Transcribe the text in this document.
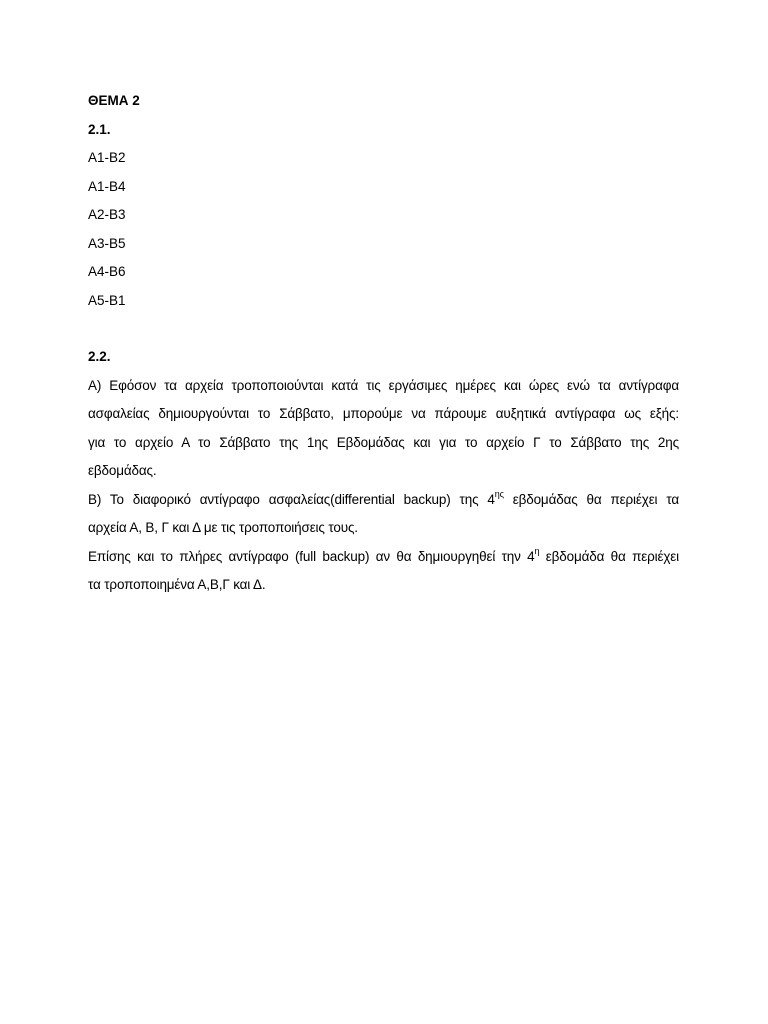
ΘΕΜΑ 2

2.1.

Α1-Β2

Α1-Β4

Α2-Β3

Α3-Β5

Α4-Β6

Α5-Β1

2.2.

Α) Εφόσον τα αρχεία τροποποιούνται κατά τις εργάσιμες ημέρες και ώρες ενώ τα αντίγραφα
ασφαλείας δημιουργούνται το Σάββατο, μπορούμε να πάρουμε αυξητικά αντίγραφα ως εξής:
για το αρχείο Α το Σάββατο της 1ης Εβδομάδας και για το αρχείο Γ το Σάββατο της 2ης
εβδομάδας.
Β) Το διαφορικό αντίγραφο ασφαλείας(differential backup) της $4^{\eta\varsigma}$ εβδομάδας θα περιέχει τα
αρχεία Α, Β, Γ και Δ με τις τροποποιήσεις τους.
Επίσης και το πλήρες αντίγραφο (full backup) αν θα δημιουργηθεί την $4^\eta$ εβδομάδα θα περιέχει
τα τροποποιημένα Α,Β,Γ και Δ.
